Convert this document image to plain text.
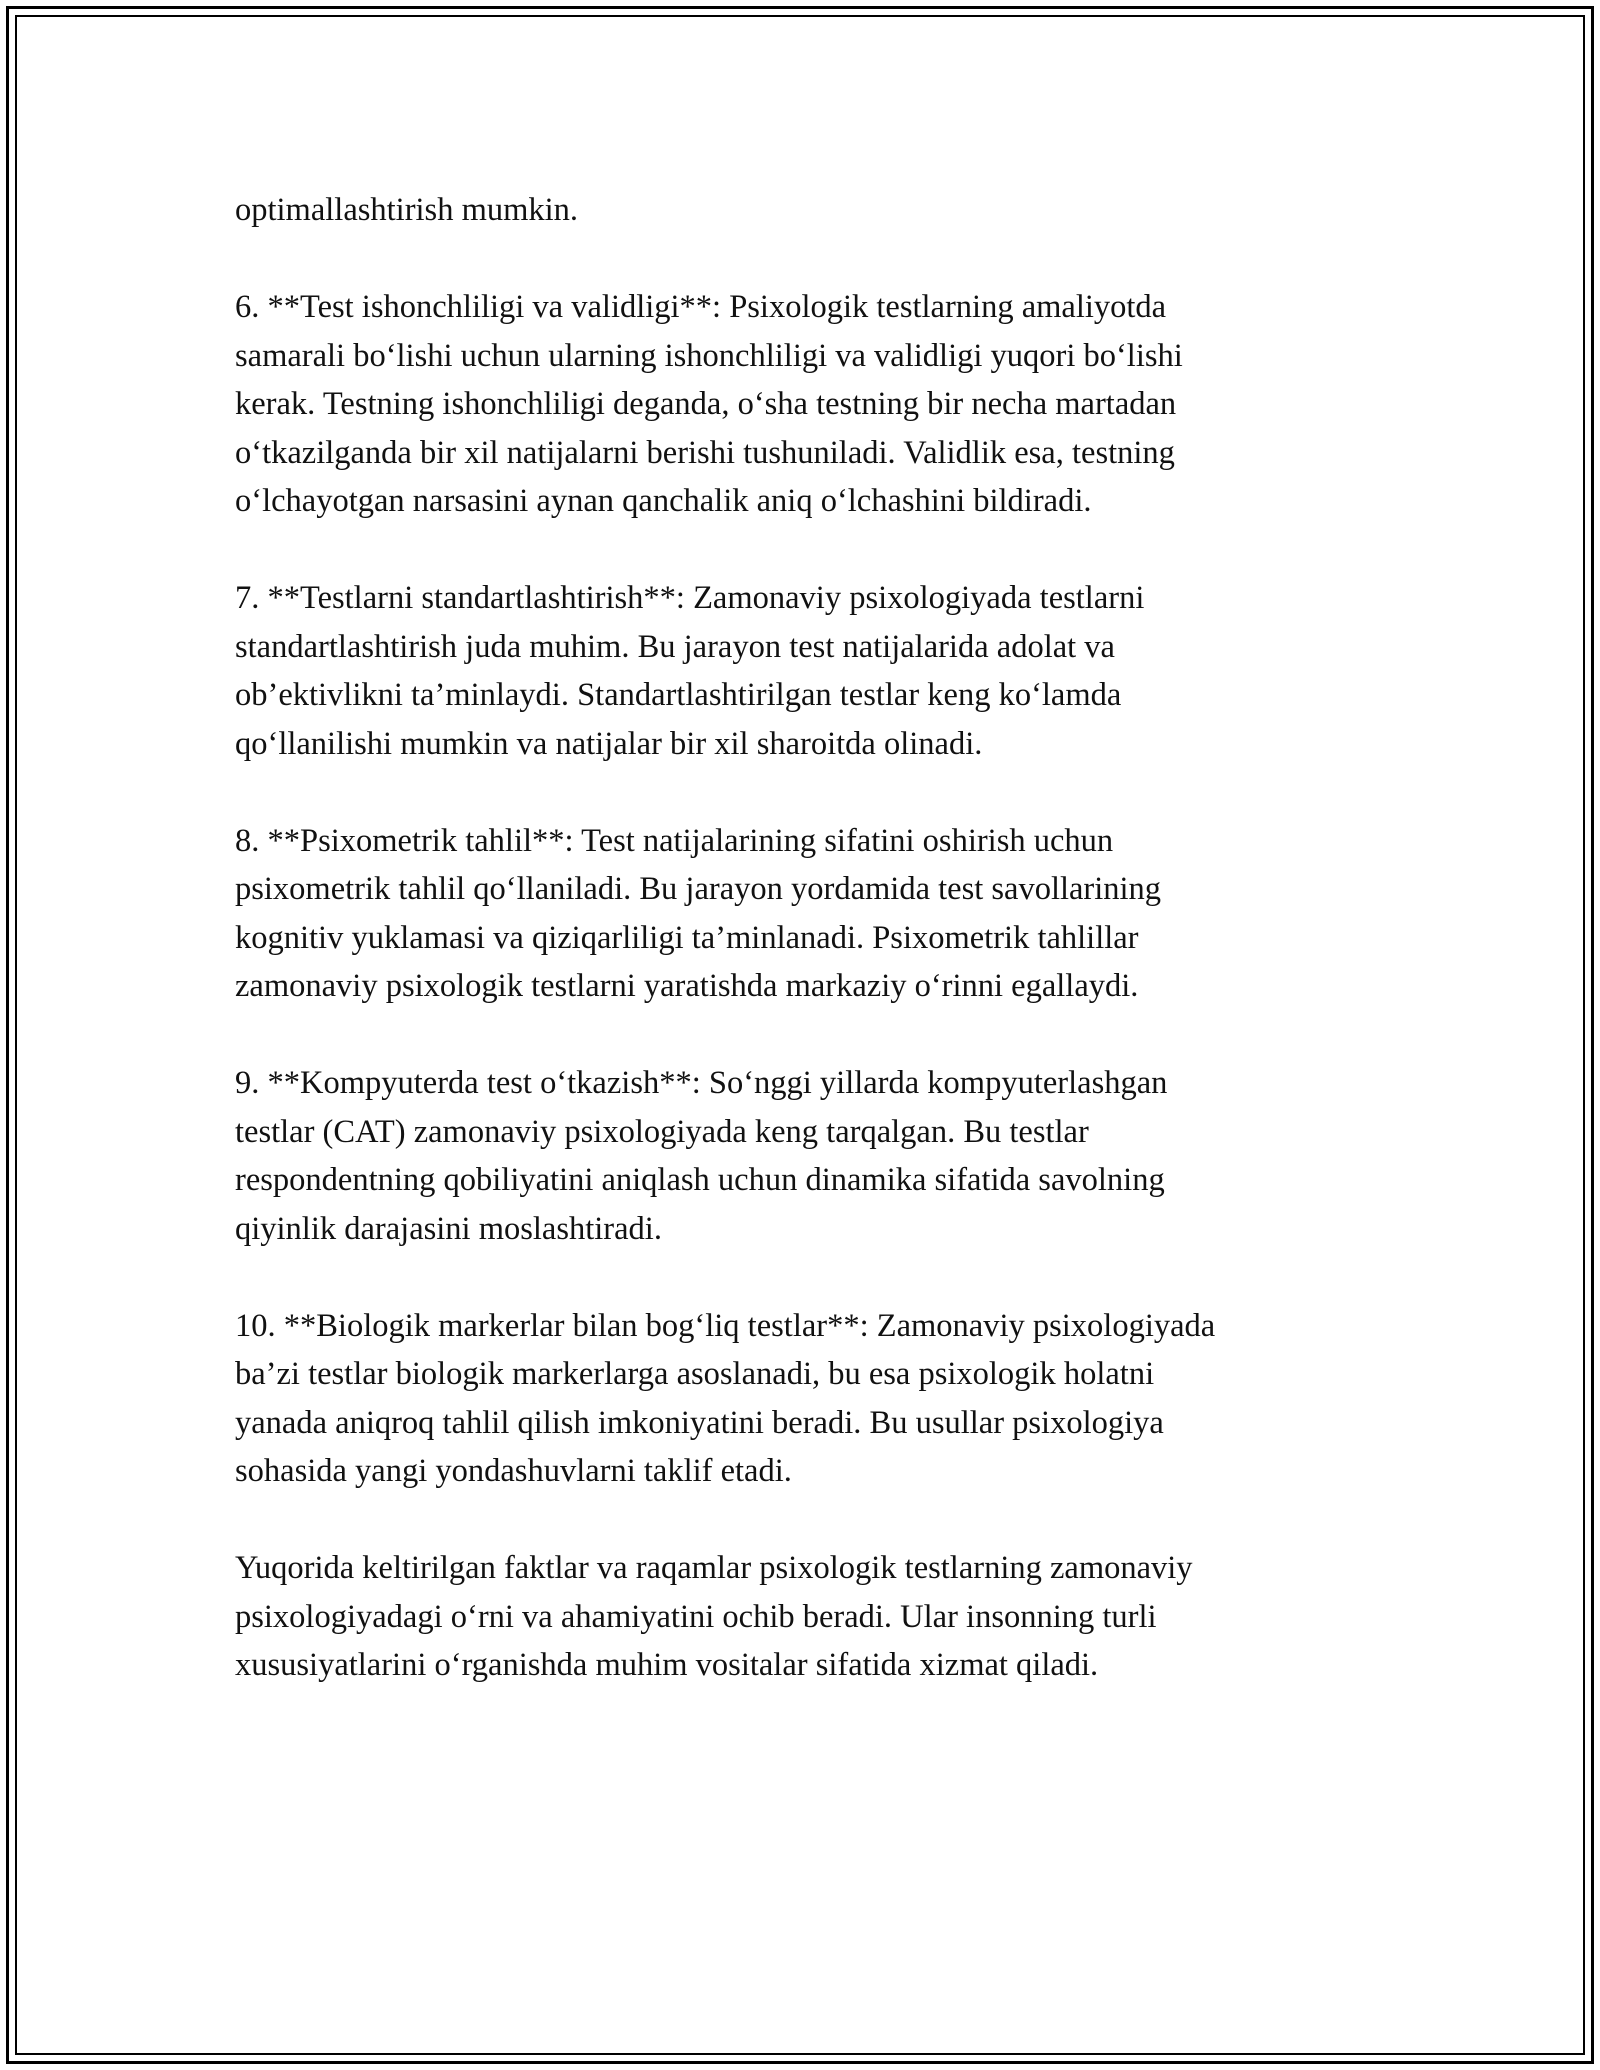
optimallashtirish mumkin.

6. **Test ishonchliligi va validligi**: Psixologik testlarning amaliyotda
samarali bo‘lishi uchun ularning ishonchliligi va validligi yuqori bo‘lishi
kerak. Testning ishonchliligi deganda, o‘sha testning bir necha martadan
o‘tkazilganda bir xil natijalarni berishi tushuniladi. Validlik esa, testning
o‘lchayotgan narsasini aynan qanchalik aniq o‘lchashini bildiradi.

7. **Testlarni standartlashtirish**: Zamonaviy psixologiyada testlarni
standartlashtirish juda muhim. Bu jarayon test natijalarida adolat va
ob’ektivlikni ta’minlaydi. Standartlashtirilgan testlar keng ko‘lamda
qo‘llanilishi mumkin va natijalar bir xil sharoitda olinadi.

8. **Psixometrik tahlil**: Test natijalarining sifatini oshirish uchun
psixometrik tahlil qo‘llaniladi. Bu jarayon yordamida test savollarining
kognitiv yuklamasi va qiziqarliligi ta’minlanadi. Psixometrik tahlillar
zamonaviy psixologik testlarni yaratishda markaziy o‘rinni egallaydi.

9. **Kompyuterda test o‘tkazish**: So‘nggi yillarda kompyuterlashgan
testlar (CAT) zamonaviy psixologiyada keng tarqalgan. Bu testlar
respondentning qobiliyatini aniqlash uchun dinamika sifatida savolning
qiyinlik darajasini moslashtiradi.

10. **Biologik markerlar bilan bog‘liq testlar**: Zamonaviy psixologiyada
ba’zi testlar biologik markerlarga asoslanadi, bu esa psixologik holatni
yanada aniqroq tahlil qilish imkoniyatini beradi. Bu usullar psixologiya
sohasida yangi yondashuvlarni taklif etadi.

Yuqorida keltirilgan faktlar va raqamlar psixologik testlarning zamonaviy
psixologiyadagi o‘rni va ahamiyatini ochib beradi. Ular insonning turli
xususiyatlarini o‘rganishda muhim vositalar sifatida xizmat qiladi.
